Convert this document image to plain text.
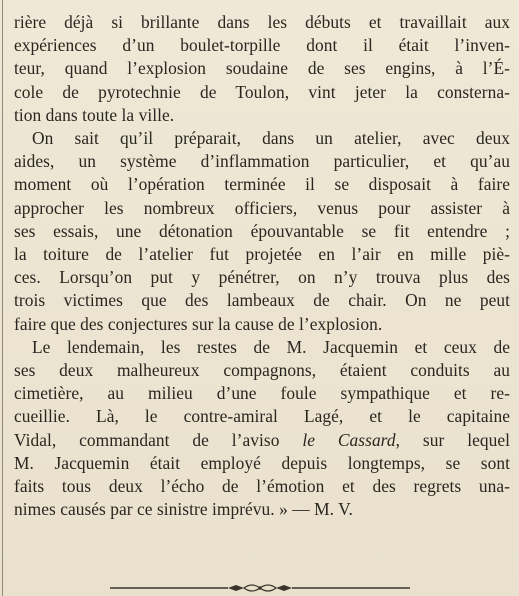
rière déjà si brillante dans les débuts et travaillait aux
expériences d’un boulet-torpille dont il était l’inven-
teur, quand l’explosion soudaine de ses engins, à l’É-
cole de pyrotechnie de Toulon, vint jeter la consterna-
tion dans toute la ville.
On sait qu’il préparait, dans un atelier, avec deux
aides, un système d’inflammation particulier, et qu’au
moment où l’opération terminée il se disposait à faire
approcher les nombreux officiers, venus pour assister à
ses essais, une détonation épouvantable se fit entendre ;
la toiture de l’atelier fut projetée en l’air en mille piè-
ces. Lorsqu’on put y pénétrer, on n’y trouva plus des
trois victimes que des lambeaux de chair. On ne peut
faire que des conjectures sur la cause de l’explosion.
Le lendemain, les restes de M. Jacquemin et ceux de
ses deux malheureux compagnons, étaient conduits au
cimetière, au milieu d’une foule sympathique et re-
cueillie. Là, le contre-amiral Lagé, et le capitaine
Vidal, commandant de l’aviso le Cassard, sur lequel
M. Jacquemin était employé depuis longtemps, se sont
faits tous deux l’écho de l’émotion et des regrets una-
nimes causés par ce sinistre imprévu. » — M. V.
